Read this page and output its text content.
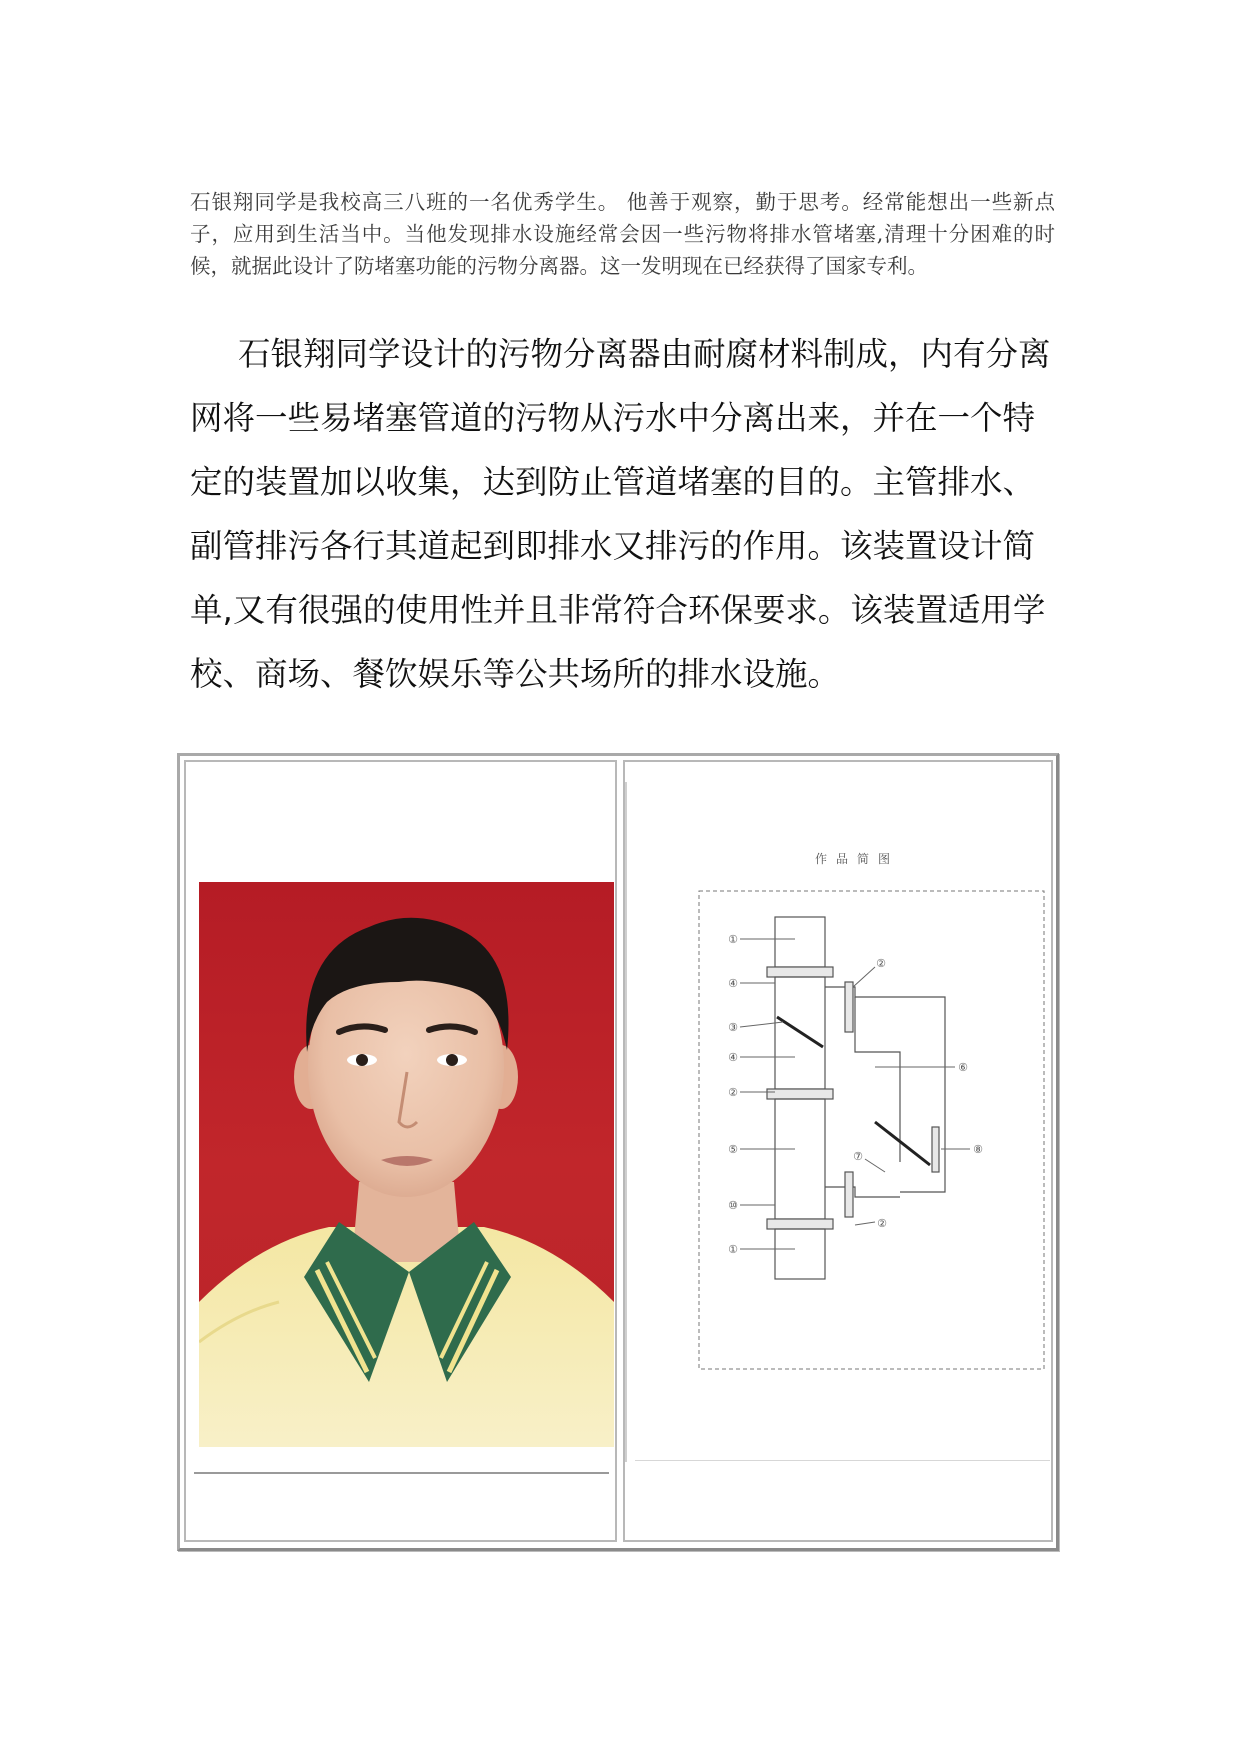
石银翔同学是我校高三八班的一名优秀学生。 他善于观察，勤于思考。经常能想出一些新点子，应用到生活当中。当他发现排水设施经常会因一些污物将排水管堵塞,清理十分困难的时候，就据此设计了防堵塞功能的污物分离器。这一发明现在已经获得了国家专利。

石银翔同学设计的污物分离器由耐腐材料制成，内有分离网将一些易堵塞管道的污物从污水中分离出来，并在一个特定的装置加以收集，达到防止管道堵塞的目的。主管排水、副管排污各行其道起到即排水又排污的作用。该装置设计简单,又有很强的使用性并且非常符合环保要求。该装置适用学校、商场、餐饮娱乐等公共场所的排水设施。

作品简图
①
④
③
④
②
⑤
⑩
①
②
⑥
⑦
⑧
②
